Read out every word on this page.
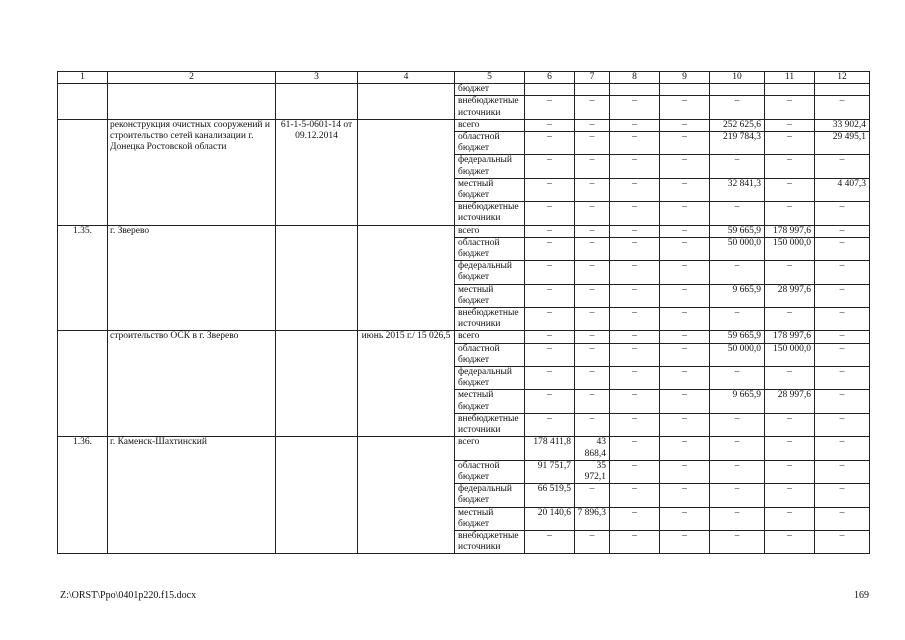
1	2	3	4	5	6	7	8	9	10	11	12
				бюджет							
				внебюджетные источники	–	–	–	–	–	–	–
	реконструкция очистных сооружений и строительство сетей канализации г. Донецка Ростовской области	61-1-5-0601-14 от 09.12.2014		всего	–	–	–	–	252 625,6	–	33 902,4
				областной бюджет	–	–	–	–	219 784,3	–	29 495,1
				федеральный бюджет	–	–	–	–	–	–	–
				местный бюджет	–	–	–	–	32 841,3	–	4 407,3
				внебюджетные источники	–	–	–	–	–	–	–
1.35.	г. Зверево			всего	–	–	–	–	59 665,9	178 997,6	–
				областной бюджет	–	–	–	–	50 000,0	150 000,0	–
				федеральный бюджет	–	–	–	–	–	–	–
				местный бюджет	–	–	–	–	9 665,9	28 997,6	–
				внебюджетные источники	–	–	–	–	–	–	–
	строительство ОСК в г. Зверево		июнь 2015 г./ 15 026,5	всего	–	–	–	–	59 665,9	178 997,6	–
				областной бюджет	–	–	–	–	50 000,0	150 000,0	–
				федеральный бюджет	–	–	–	–	–	–	–
				местный бюджет	–	–	–	–	9 665,9	28 997,6	–
				внебюджетные источники	–	–	–	–	–	–	–
1.36.	г. Каменск-Шахтинский			всего	178 411,8	43 868,4	–	–	–	–	–
				областной бюджет	91 751,7	35 972,1	–	–	–	–	–
				федеральный бюджет	66 519,5	–	–	–	–	–	–
				местный бюджет	20 140,6	7 896,3	–	–	–	–	–
				внебюджетные источники	–	–	–	–	–	–	–
Z:\ORST\Ppo\0401p220.f15.docx	169
